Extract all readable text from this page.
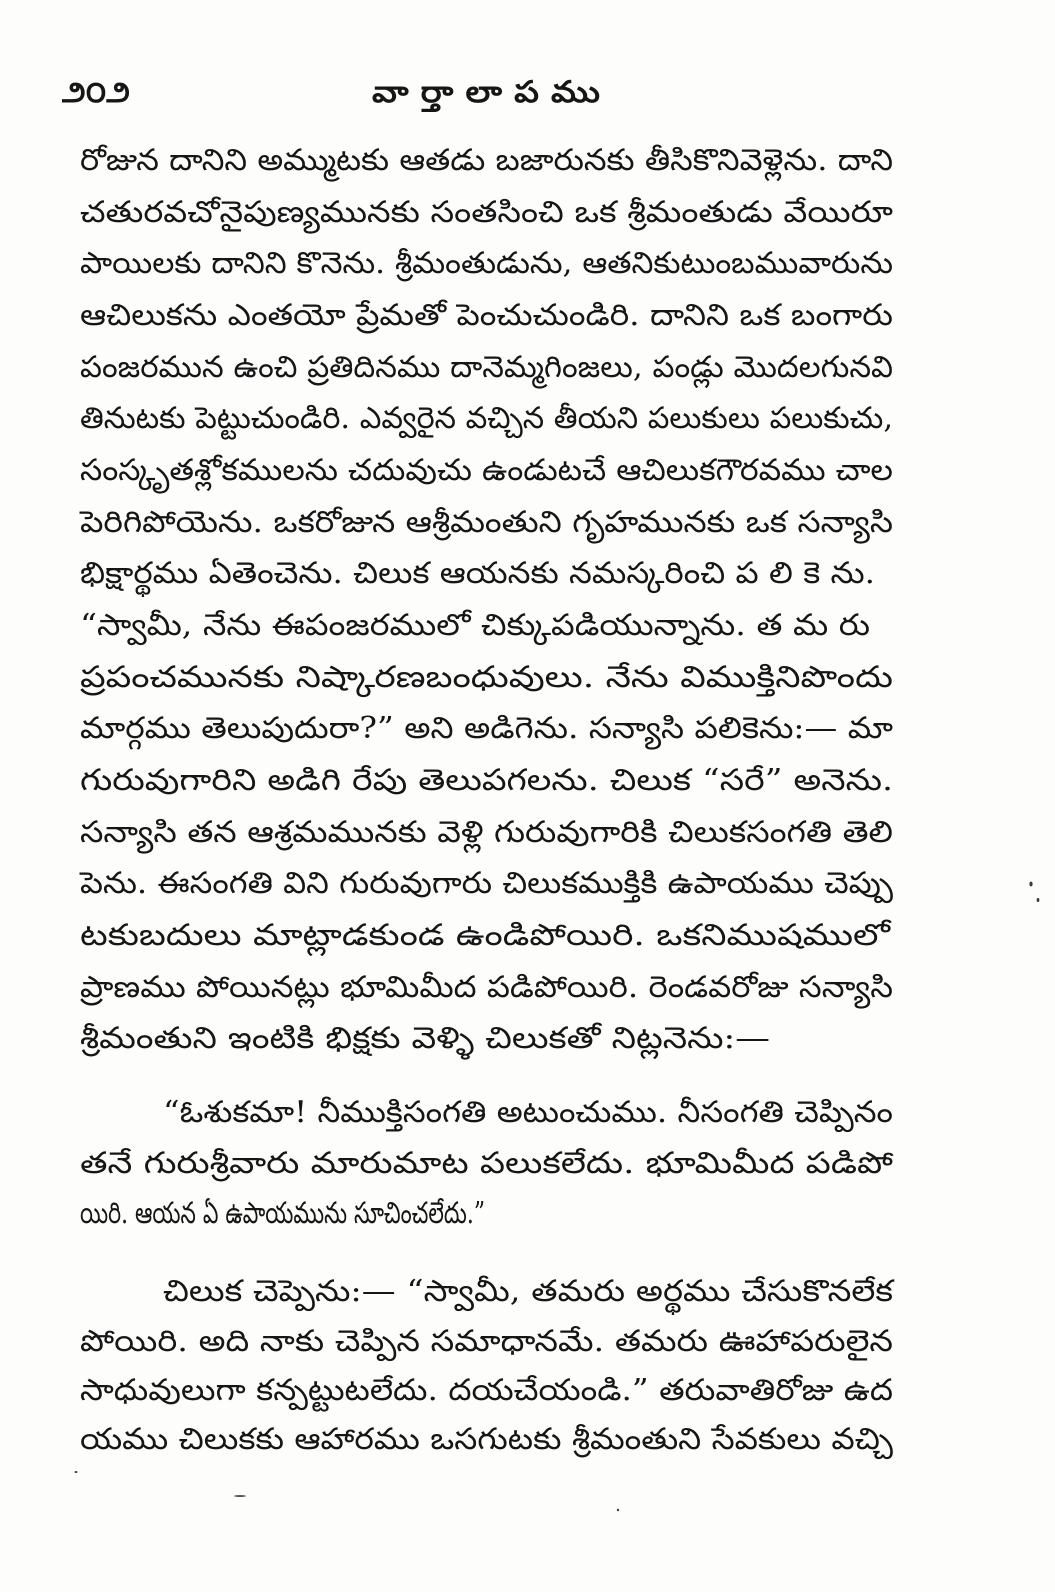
౨౦౨	వా ర్తా లా ప ము
రోజున దానిని అమ్ముటకు ఆతడు బజారునకు తీసికొనివెళ్లెను. దాని
చతురవచోనైపుణ్యమునకు సంతసించి ఒక శ్రీమంతుడు వేయిరూ
పాయిలకు దానిని కొనెను. శ్రీమంతుడును, ఆతనికుటుంబమువారును
ఆచిలుకను ఎంతయో ప్రేమతో పెంచుచుండిరి. దానిని ఒక బంగారు
పంజరమున ఉంచి ప్రతిదినము దానెమ్మగింజలు, పండ్లు మొదలగునవి
తినుటకు పెట్టుచుండిరి. ఎవ్వరైన వచ్చిన తీయని పలుకులు పలుకుచు,
సంస్కృతశ్లోకములను చదువుచు ఉండుటచే ఆచిలుకగౌరవము చాల
పెరిగిపోయెను. ఒకరోజున ఆశ్రీమంతుని గృహమునకు ఒక సన్యాసి
భిక్షార్థము ఏతెంచెను. చిలుక ఆయనకు నమస్కరించి ప లి కె ను.
“స్వామీ, నేను ఈపంజరములో చిక్కుపడియున్నాను. త మ రు
ప్రపంచమునకు నిష్కారణబంధువులు. నేను విముక్తినిపొందు
మార్గము తెలుపుదురా?” అని అడిగెను. సన్యాసి పలికెను:— మా
గురువుగారిని అడిగి రేపు తెలుపగలను. చిలుక “సరే” అనెను.
సన్యాసి తన ఆశ్రమమునకు వెళ్లి గురువుగారికి చిలుకసంగతి తెలి
పెను. ఈసంగతి విని గురువుగారు చిలుకముక్తికి ఉపాయము చెప్పు
టకుబదులు మాట్లాడకుండ ఉండిపోయిరి. ఒకనిముషములో
ప్రాణము పోయినట్లు భూమిమీద పడిపోయిరి. రెండవరోజు సన్యాసి
శ్రీమంతుని ఇంటికి భిక్షకు వెళ్ళి చిలుకతో నిట్లనెను:—
“ఓశుకమా! నీముక్తిసంగతి అటుంచుము. నీసంగతి చెప్పినం
తనే గురుశ్రీవారు మారుమాట పలుకలేదు. భూమిమీద పడిపో
యిరి. ఆయన ఏ ఉపాయమును సూచించలేదు.”
చిలుక చెప్పెను:— “స్వామీ, తమరు అర్థము చేసుకొనలేక
పోయిరి. అది నాకు చెప్పిన సమాధానమే. తమరు ఊహాపరులైన
సాధువులుగా కన్పట్టుటలేదు. దయచేయండి.” తరువాతిరోజు ఉద
యము చిలుకకు ఆహారము ఒసగుటకు శ్రీమంతుని సేవకులు వచ్చి
